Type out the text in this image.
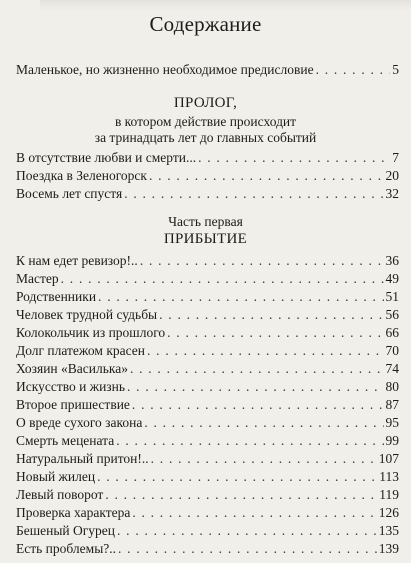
Содержание
Маленькое, но жизненно необходимое предисловие . . .	5
ПРОЛОГ,
в котором действие происходит
за тринадцать лет до главных событий
В отсутствие любви и смерти... . . .	7
Поездка в Зеленогорск . . .	20
Восемь лет спустя . . .	32
Часть первая
ПРИБЫТИЕ
К нам едет ревизор!.. . . .	36
Мастер . . .	49
Родственники . . .	51
Человек трудной судьбы . . .	56
Колокольчик из прошлого . . .	66
Долг платежом красен . . .	70
Хозяин «Василька» . . .	74
Искусство и жизнь . . .	80
Второе пришествие . . .	87
О вреде сухого закона . . .	95
Смерть мецената . . .	99
Натуральный притон!.. . . .	107
Новый жилец . . .	113
Левый поворот . . .	119
Проверка характера . . .	126
Бешеный Огурец . . .	135
Есть проблемы?.. . . .	139
